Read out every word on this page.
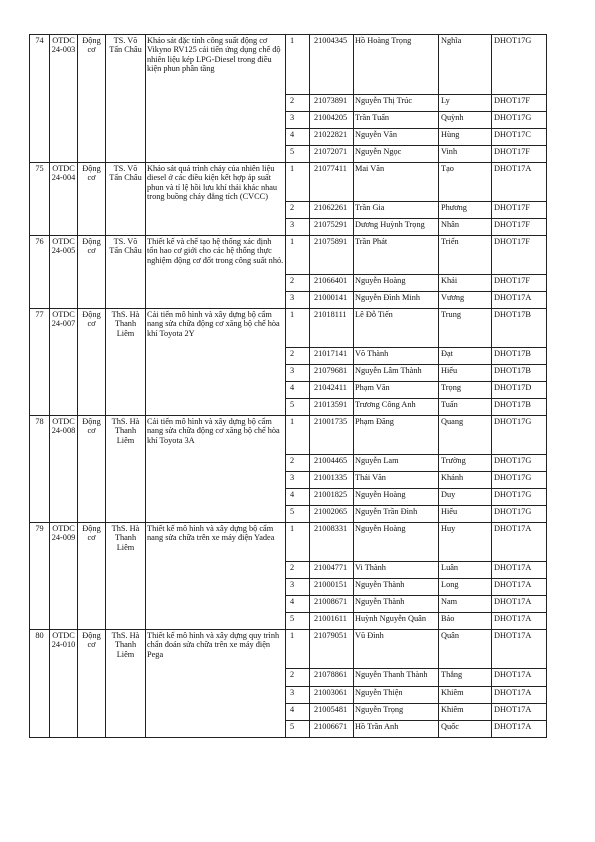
74	OTDC 24-003	Động cơ	TS. Võ Tấn Châu	Khảo sát đặc tính công suất động cơ Vikyno RV125 cải tiến ứng dụng chế độ nhiên liệu kép LPG-Diesel trong điều kiện phun phân tầng	1	21004345	Hồ Hoàng Trọng	Nghĩa	DHOT17G
					2	21073891	Nguyễn Thị Trúc	Ly	DHOT17F
					3	21004205	Trần Tuấn	Quỳnh	DHOT17G
					4	21022821	Nguyễn Văn	Hùng	DHOT17C
					5	21072071	Nguyễn Ngọc	Vinh	DHOT17F
75	OTDC 24-004	Động cơ	TS. Võ Tấn Châu	Khảo sát quá trình cháy của nhiên liệu diesel ở các điều kiện kết hợp áp suất phun và tỉ lệ hồi lưu khí thải khác nhau trong buồng cháy đẳng tích (CVCC)	1	21077411	Mai Văn	Tạo	DHOT17A
					2	21062261	Trần Gia	Phương	DHOT17F
					3	21075291	Dương Huỳnh Trọng	Nhân	DHOT17F
76	OTDC 24-005	Động cơ	TS. Võ Tấn Châu	Thiết kế và chế tạo hệ thống xác định tổn hao cơ giới cho các hệ thống thực nghiệm động cơ đốt trong công suất nhỏ.	1	21075891	Trần Phát	Triển	DHOT17F
					2	21066401	Nguyễn Hoàng	Khải	DHOT17F
					3	21000141	Nguyễn Đình Minh	Vương	DHOT17A
77	OTDC 24-007	Động cơ	ThS. Hà Thanh Liêm	Cải tiến mô hình và xây dựng bộ cẩm nang sửa chữa động cơ xăng bộ chế hòa khí Toyota 2Y	1	21018111	Lê Đỗ Tiến	Trung	DHOT17B
					2	21017141	Võ Thành	Đạt	DHOT17B
					3	21079681	Nguyễn Lâm Thành	Hiếu	DHOT17B
					4	21042411	Phạm Văn	Trọng	DHOT17D
					5	21013591	Trương Công Anh	Tuấn	DHOT17B
78	OTDC 24-008	Động cơ	ThS. Hà Thanh Liêm	Cải tiến mô hình và xây dựng bộ cẩm nang sửa chữa động cơ xăng bộ chế hòa khí Toyota 3A	1	21001735	Phạm Đăng	Quang	DHOT17G
					2	21004465	Nguyễn Lam	Trường	DHOT17G
					3	21001335	Thái Văn	Khánh	DHOT17G
					4	21001825	Nguyễn Hoàng	Duy	DHOT17G
					5	21002065	Nguyễn Trần Đình	Hiếu	DHOT17G
79	OTDC 24-009	Động cơ	ThS. Hà Thanh Liêm	Thiết kế mô hình và xây dựng bộ cẩm nang sửa chữa trên xe máy điện Yadea	1	21008331	Nguyễn Hoàng	Huy	DHOT17A
					2	21004771	Vi Thành	Luân	DHOT17A
					3	21000151	Nguyễn Thành	Long	DHOT17A
					4	21008671	Nguyễn Thành	Nam	DHOT17A
					5	21001611	Huỳnh Nguyễn Quân	Bảo	DHOT17A
80	OTDC 24-010	Động cơ	ThS. Hà Thanh Liêm	Thiết kế mô hình và xây dựng quy trình chẩn đoán sửa chữa trên xe máy điện Pega	1	21079051	Vũ Đình	Quân	DHOT17A
					2	21078861	Nguyễn Thanh Thành	Thắng	DHOT17A
					3	21003061	Nguyễn Thiện	Khiêm	DHOT17A
					4	21005481	Nguyễn Trọng	Khiêm	DHOT17A
					5	21006671	Hồ Trần Anh	Quốc	DHOT17A
